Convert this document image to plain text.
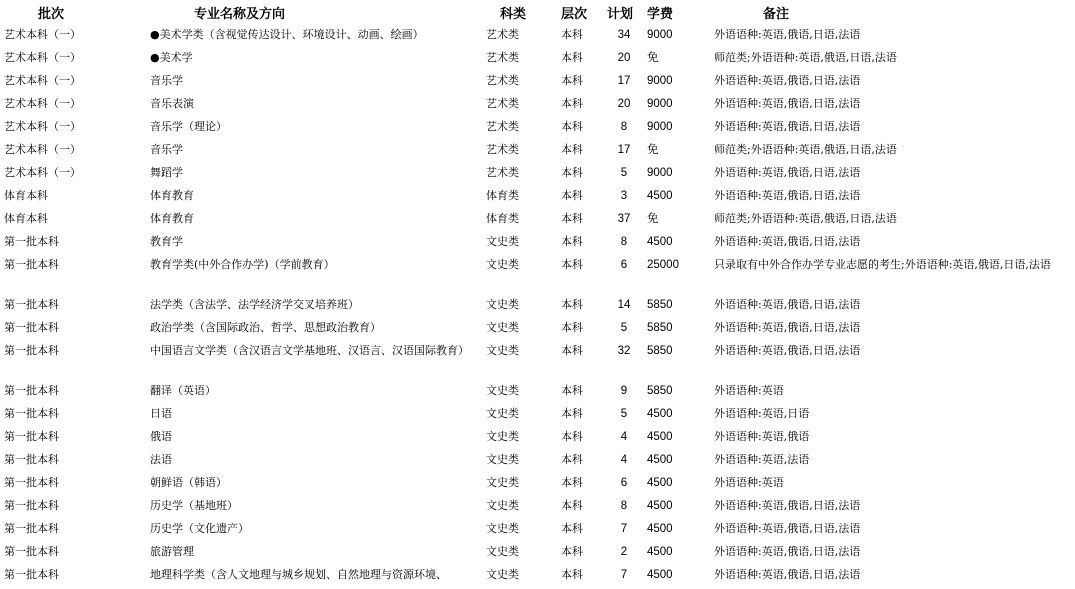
批次	专业名称及方向	科类	层次	计划	学费	备注
艺术本科（一）	●美术学类（含视觉传达设计、环境设计、动画、绘画）	艺术类	本科	34	9000	外语语种:英语,俄语,日语,法语
艺术本科（一）	●美术学	艺术类	本科	20	免	师范类;外语语种:英语,俄语,日语,法语
艺术本科（一）	音乐学	艺术类	本科	17	9000	外语语种:英语,俄语,日语,法语
艺术本科（一）	音乐表演	艺术类	本科	20	9000	外语语种:英语,俄语,日语,法语
艺术本科（一）	音乐学（理论）	艺术类	本科	8	9000	外语语种:英语,俄语,日语,法语
艺术本科（一）	音乐学	艺术类	本科	17	免	师范类;外语语种:英语,俄语,日语,法语
艺术本科（一）	舞蹈学	艺术类	本科	5	9000	外语语种:英语,俄语,日语,法语
体育本科	体育教育	体育类	本科	3	4500	外语语种:英语,俄语,日语,法语
体育本科	体育教育	体育类	本科	37	免	师范类;外语语种:英语,俄语,日语,法语
第一批本科	教育学	文史类	本科	8	4500	外语语种:英语,俄语,日语,法语
第一批本科	教育学类(中外合作办学)（学前教育）	文史类	本科	6	25000	只录取有中外合作办学专业志愿的考生;外语语种:英语,俄语,日语,法语
第一批本科	法学类（含法学、法学经济学交叉培养班）	文史类	本科	14	5850	外语语种:英语,俄语,日语,法语
第一批本科	政治学类（含国际政治、哲学、思想政治教育）	文史类	本科	5	5850	外语语种:英语,俄语,日语,法语
第一批本科	中国语言文学类（含汉语言文学基地班、汉语言、汉语国际教育）	文史类	本科	32	5850	外语语种:英语,俄语,日语,法语
第一批本科	翻译（英语）	文史类	本科	9	5850	外语语种:英语
第一批本科	日语	文史类	本科	5	4500	外语语种:英语,日语
第一批本科	俄语	文史类	本科	4	4500	外语语种:英语,俄语
第一批本科	法语	文史类	本科	4	4500	外语语种:英语,法语
第一批本科	朝鲜语（韩语）	文史类	本科	6	4500	外语语种:英语
第一批本科	历史学（基地班）	文史类	本科	8	4500	外语语种:英语,俄语,日语,法语
第一批本科	历史学（文化遗产）	文史类	本科	7	4500	外语语种:英语,俄语,日语,法语
第一批本科	旅游管理	文史类	本科	2	4500	外语语种:英语,俄语,日语,法语
第一批本科	地理科学类（含人文地理与城乡规划、自然地理与资源环境、	文史类	本科	7	4500	外语语种:英语,俄语,日语,法语
